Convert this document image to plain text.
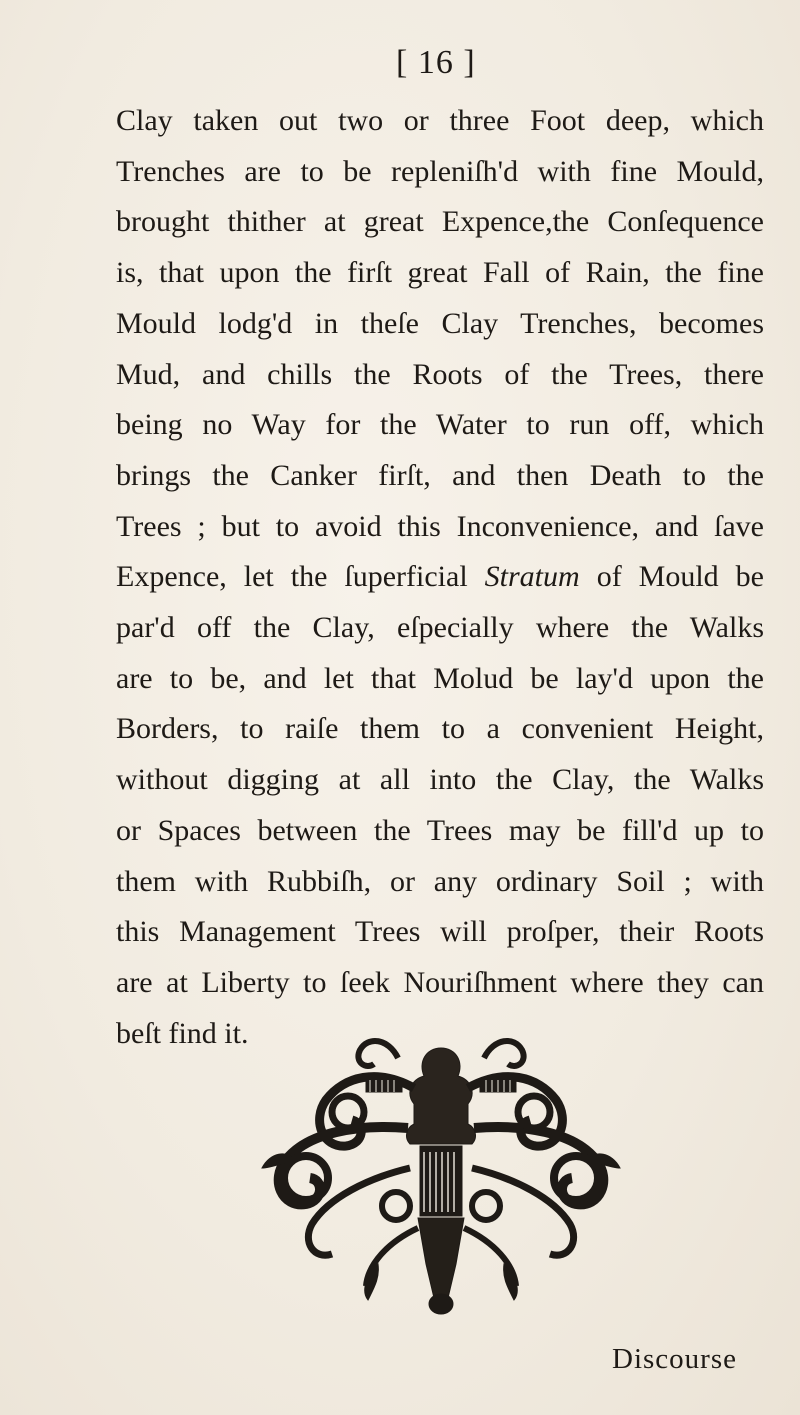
[ 16 ]
Clay taken out two or three Foot deep, which
Trenches are to be repleniſh'd with fine Mould,
brought thither at great Expence,the Conſequence
is, that upon the firſt great Fall of Rain, the fine
Mould lodg'd in theſe Clay Trenches, becomes
Mud, and chills the Roots of the Trees, there
being no Way for the Water to run off, which
brings the Canker firſt, and then Death to the
Trees ; but to avoid this Inconvenience, and ſave
Expence, let the ſuperficial Stratum of Mould be
par'd off the Clay, eſpecially where the Walks
are to be, and let that Molud be lay'd upon the
Borders, to raiſe them to a convenient Height,
without digging at all into the Clay, the Walks
or Spaces between the Trees may be fill'd up to
them with Rubbiſh, or any ordinary Soil ; with
this Management Trees will proſper, their Roots
are at Liberty to ſeek Nouriſhment where they can
beſt find it.
Discourse
